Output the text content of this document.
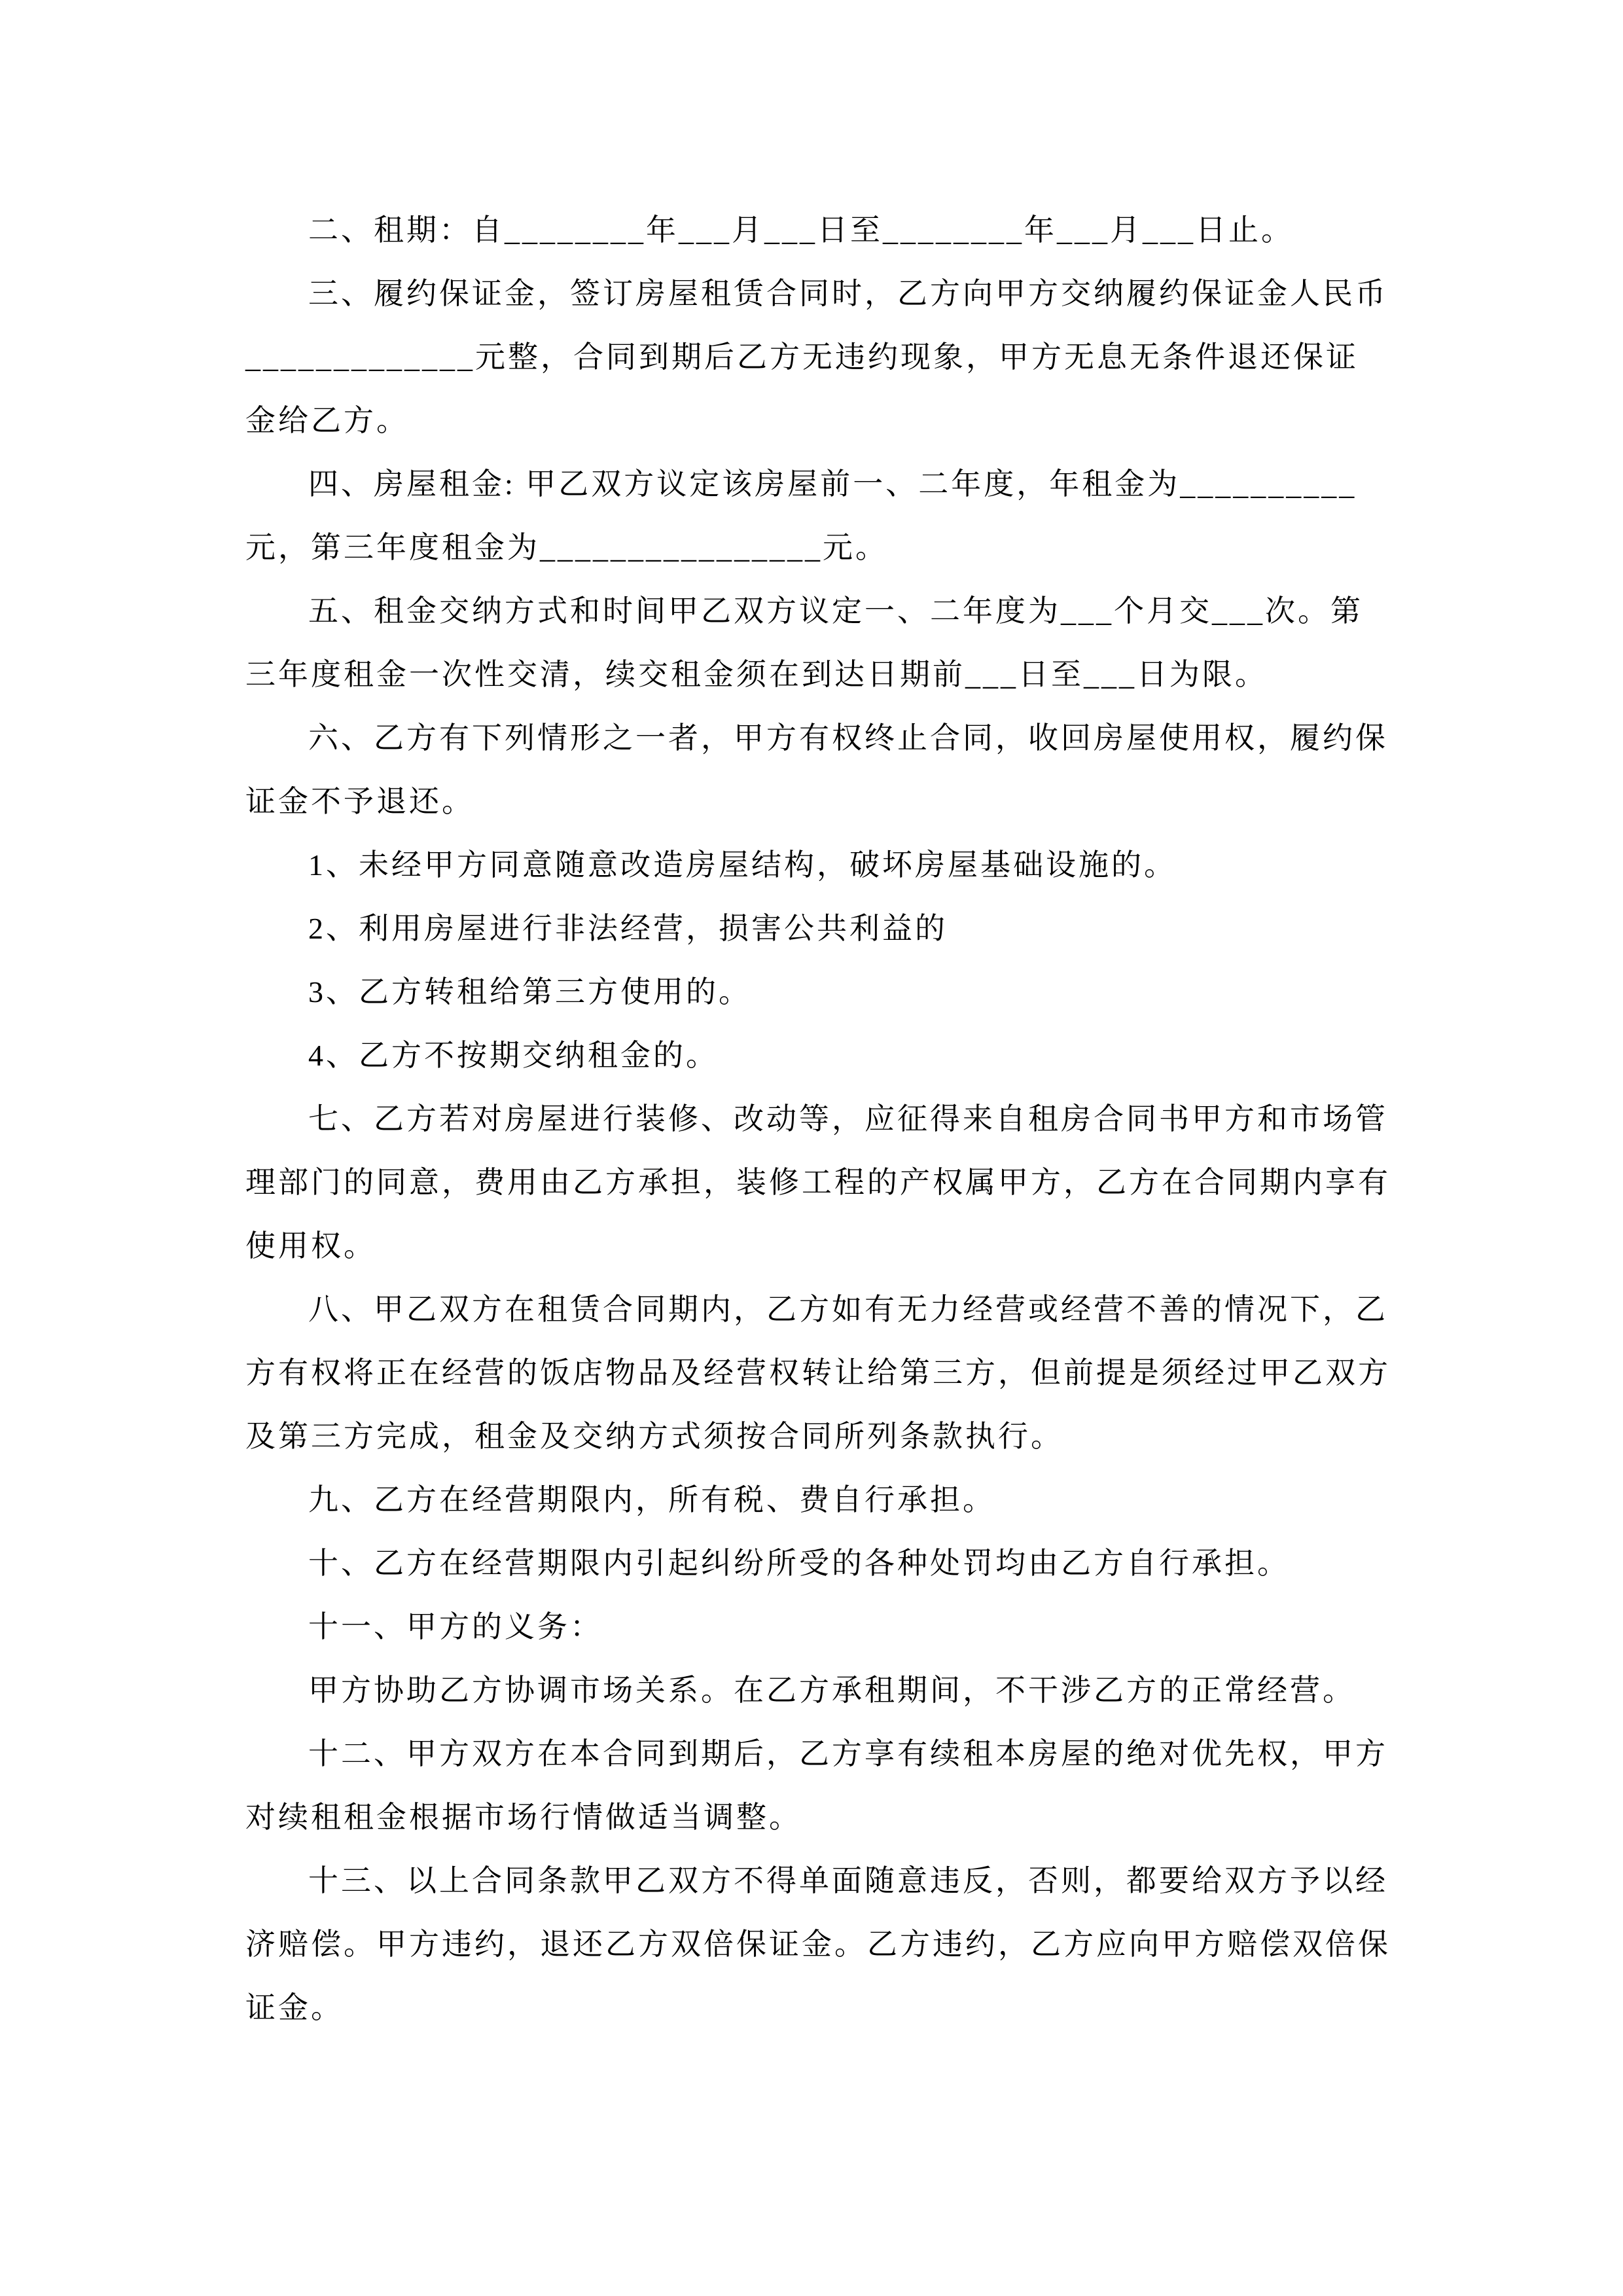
二、租期：自________年___月___日至________年___月___日止。
三、履约保证金，签订房屋租赁合同时，乙方向甲方交纳履约保证金人民币
_____________元整，合同到期后乙方无违约现象，甲方无息无条件退还保证
金给乙方。
四、房屋租金: 甲乙双方议定该房屋前一、二年度，年租金为__________
元，第三年度租金为________________元。
五、租金交纳方式和时间甲乙双方议定一、二年度为___个月交___次。第
三年度租金一次性交清，续交租金须在到达日期前___日至___日为限。
六、乙方有下列情形之一者，甲方有权终止合同，收回房屋使用权，履约保
证金不予退还。
1、未经甲方同意随意改造房屋结构，破坏房屋基础设施的。
2、利用房屋进行非法经营，损害公共利益的
3、乙方转租给第三方使用的。
4、乙方不按期交纳租金的。
七、乙方若对房屋进行装修、改动等，应征得来自租房合同书甲方和市场管
理部门的同意，费用由乙方承担，装修工程的产权属甲方，乙方在合同期内享有
使用权。
八、甲乙双方在租赁合同期内，乙方如有无力经营或经营不善的情况下，乙
方有权将正在经营的饭店物品及经营权转让给第三方，但前提是须经过甲乙双方
及第三方完成，租金及交纳方式须按合同所列条款执行。
九、乙方在经营期限内，所有税、费自行承担。
十、乙方在经营期限内引起纠纷所受的各种处罚均由乙方自行承担。
十一、甲方的义务：
甲方协助乙方协调市场关系。在乙方承租期间，不干涉乙方的正常经营。
十二、甲方双方在本合同到期后，乙方享有续租本房屋的绝对优先权，甲方
对续租租金根据市场行情做适当调整。
十三、以上合同条款甲乙双方不得单面随意违反，否则，都要给双方予以经
济赔偿。甲方违约，退还乙方双倍保证金。乙方违约，乙方应向甲方赔偿双倍保
证金。
